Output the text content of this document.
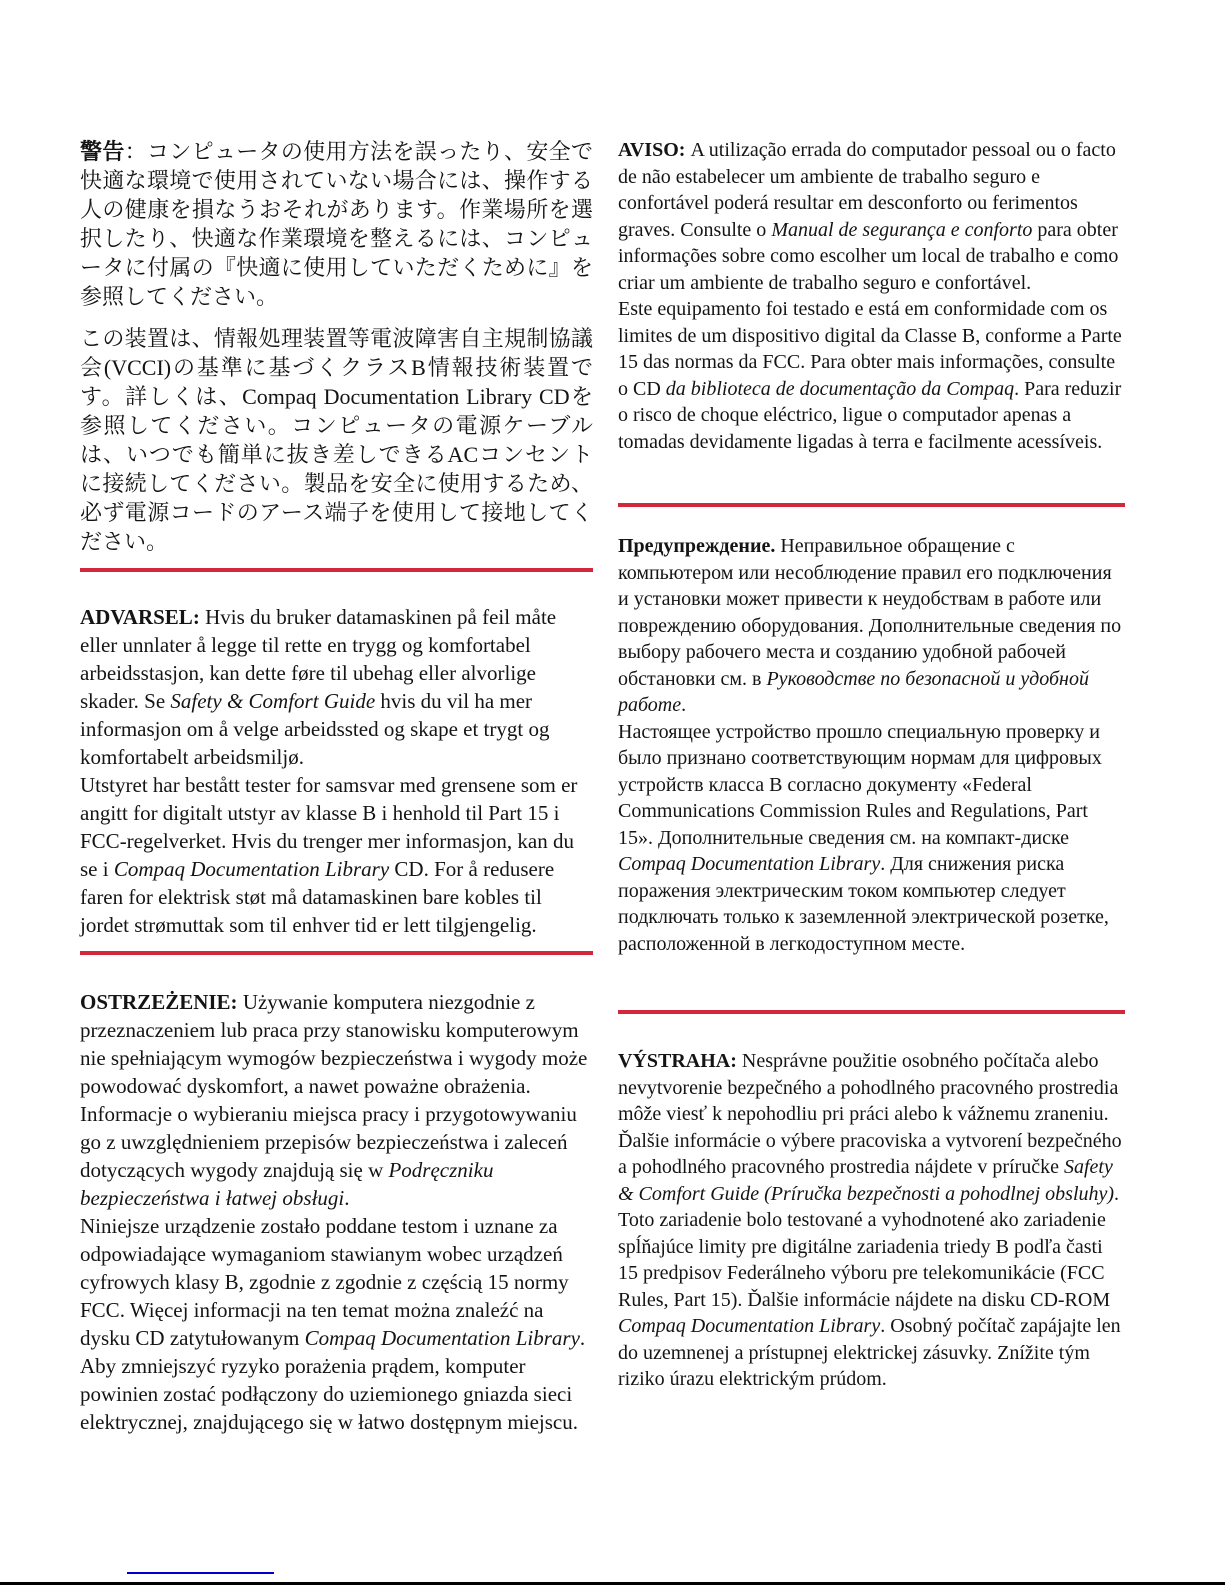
警告：コンピュータの使用方法を誤ったり、安全で快適な環境で使用されていない場合には、操作する人の健康を損なうおそれがあります。作業場所を選択したり、快適な作業環境を整えるには、コンピュータに付属の『快適に使用していただくために』を参照してください。

この装置は、情報処理装置等電波障害自主規制協議会(VCCI)の基準に基づくクラスB情報技術装置です。詳しくは、Compaq Documentation Library CDを参照してください。コンピュータの電源ケーブルは、いつでも簡単に抜き差しできるACコンセントに接続してください。製品を安全に使用するため、必ず電源コードのアース端子を使用して接地してください。

ADVARSEL: Hvis du bruker datamaskinen på feil måte eller unnlater å legge til rette en trygg og komfortabel arbeidsstasjon, kan dette føre til ubehag eller alvorlige skader. Se Safety & Comfort Guide hvis du vil ha mer informasjon om å velge arbeidssted og skape et trygt og komfortabelt arbeidsmiljø.

Utstyret har bestått tester for samsvar med grensene som er angitt for digitalt utstyr av klasse B i henhold til Part 15 i FCC-regelverket. Hvis du trenger mer informasjon, kan du se i Compaq Documentation Library CD. For å redusere faren for elektrisk støt må datamaskinen bare kobles til jordet strømuttak som til enhver tid er lett tilgjengelig.

OSTRZEŻENIE: Używanie komputera niezgodnie z przeznaczeniem lub praca przy stanowisku komputerowym nie spełniającym wymogów bezpieczeństwa i wygody może powodować dyskomfort, a nawet poważne obrażenia. Informacje o wybieraniu miejsca pracy i przygotowywaniu go z uwzględnieniem przepisów bezpieczeństwa i zaleceń dotyczących wygody znajdują się w Podręczniku bezpieczeństwa i łatwej obsługi.

Niniejsze urządzenie zostało poddane testom i uznane za odpowiadające wymaganiom stawianym wobec urządzeń cyfrowych klasy B, zgodnie z zgodnie z częścią 15 normy FCC. Więcej informacji na ten temat można znaleźć na dysku CD zatytułowanym Compaq Documentation Library. Aby zmniejszyć ryzyko porażenia prądem, komputer powinien zostać podłączony do uziemionego gniazda sieci elektrycznej, znajdującego się w łatwo dostępnym miejscu.

AVISO: A utilização errada do computador pessoal ou o facto de não estabelecer um ambiente de trabalho seguro e confortável poderá resultar em desconforto ou ferimentos graves. Consulte o Manual de segurança e conforto para obter informações sobre como escolher um local de trabalho e como criar um ambiente de trabalho seguro e confortável.

Este equipamento foi testado e está em conformidade com os limites de um dispositivo digital da Classe B, conforme a Parte 15 das normas da FCC. Para obter mais informações, consulte o CD da biblioteca de documentação da Compaq. Para reduzir o risco de choque eléctrico, ligue o computador apenas a tomadas devidamente ligadas à terra e facilmente acessíveis.

Предупреждение. Неправильное обращение с компьютером или несоблюдение правил его подключения и установки может привести к неудобствам в работе или повреждению оборудования. Дополнительные сведения по выбору рабочего места и созданию удобной рабочей обстановки см. в Руководстве по безопасной и удобной работе.

Настоящее устройство прошло специальную проверку и было признано соответствующим нормам для цифровых устройств класса B согласно документу «Federal Communications Commission Rules and Regulations, Part 15». Дополнительные сведения см. на компакт-диске Compaq Documentation Library. Для снижения риска поражения электрическим током компьютер следует подключать только к заземленной электрической розетке, расположенной в легкодоступном месте.

VÝSTRAHA: Nesprávne použitie osobného počítača alebo nevytvorenie bezpečného a pohodlného pracovného prostredia môže viesť k nepohodliu pri práci alebo k vážnemu zraneniu. Ďalšie informácie o výbere pracoviska a vytvorení bezpečného a pohodlného pracovného prostredia nájdete v príručke Safety & Comfort Guide (Príručka bezpečnosti a pohodlnej obsluhy).

Toto zariadenie bolo testované a vyhodnotené ako zariadenie spĺňajúce limity pre digitálne zariadenia triedy B podľa časti 15 predpisov Federálneho výboru pre telekomunikácie (FCC Rules, Part 15). Ďalšie informácie nájdete na disku CD-ROM Compaq Documentation Library. Osobný počítač zapájajte len do uzemnenej a prístupnej elektrickej zásuvky. Znížite tým riziko úrazu elektrickým prúdom.
